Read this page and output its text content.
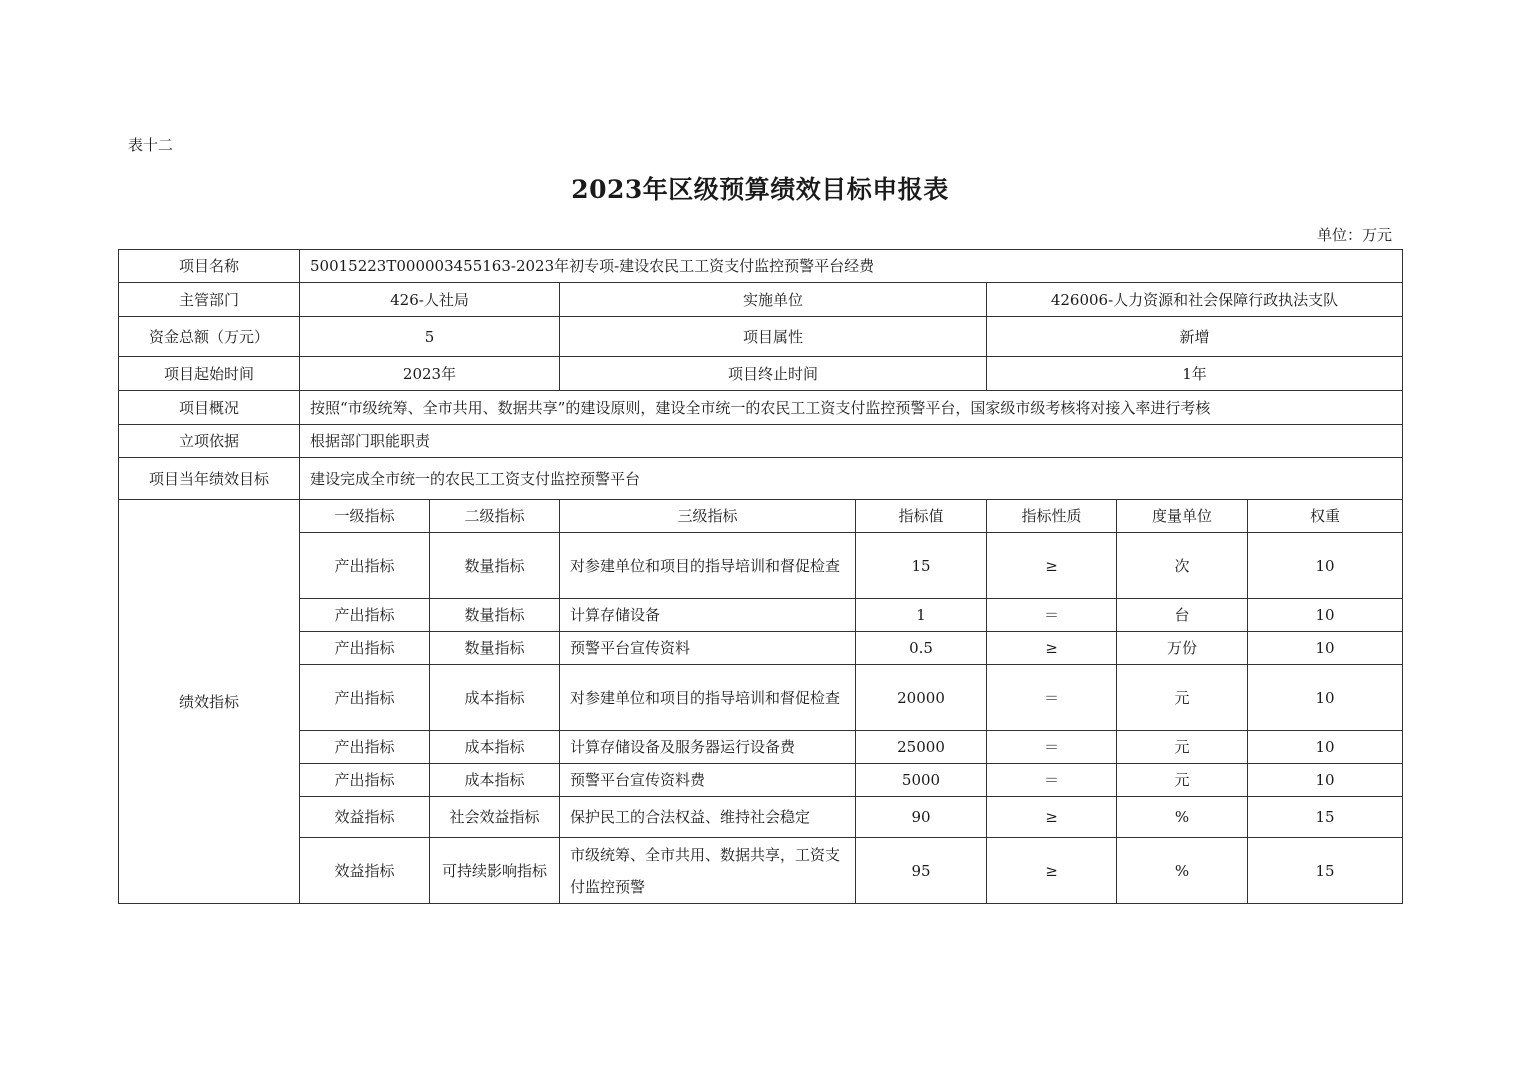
表十二
2023年区级预算绩效目标申报表
单位：万元
项目名称	50015223T000003455163-2023年初专项-建设农民工工资支付监控预警平台经费						
主管部门	426-人社局		实施单位		426006-人力资源和社会保障行政执法支队		
资金总额（万元）	5		项目属性		新增		
项目起始时间	2023年		项目终止时间		1年		
项目概况	按照“市级统筹、全市共用、数据共享”的建设原则，建设全市统一的农民工工资支付监控预警平台，国家级市级考核将对接入率进行考核						
立项依据	根据部门职能职责						
项目当年绩效目标	建设完成全市统一的农民工工资支付监控预警平台						
绩效指标	一级指标	二级指标	三级指标	指标值	指标性质	度量单位	权重
	产出指标	数量指标	对参建单位和项目的指导培训和督促检查	15	≥	次	10
	产出指标	数量指标	计算存储设备	1	＝	台	10
	产出指标	数量指标	预警平台宣传资料	0.5	≥	万份	10
	产出指标	成本指标	对参建单位和项目的指导培训和督促检查	20000	＝	元	10
	产出指标	成本指标	计算存储设备及服务器运行设备费	25000	＝	元	10
	产出指标	成本指标	预警平台宣传资料费	5000	＝	元	10
	效益指标	社会效益指标	保护民工的合法权益、维持社会稳定	90	≥	%	15
	效益指标	可持续影响指标	市级统筹、全市共用、数据共享，工资支付监控预警	95	≥	%	15
